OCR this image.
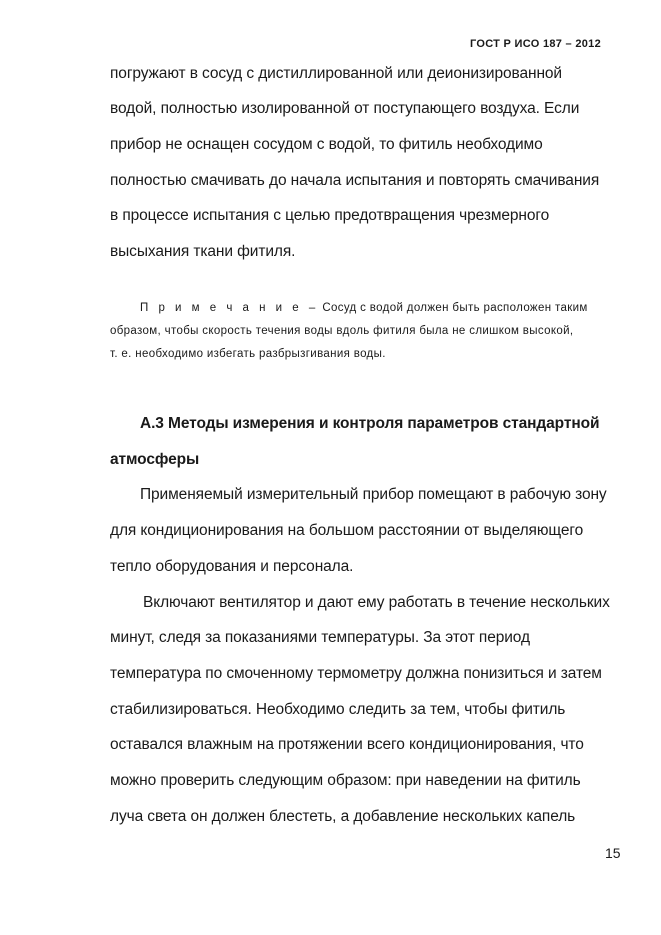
ГОСТ Р ИСО 187 – 2012
погружают в сосуд с дистиллированной или деионизированной
водой, полностью изолированной от поступающего воздуха. Если
прибор не оснащен сосудом с водой, то фитиль необходимо
полностью смачивать до начала испытания и повторять смачивания
в процессе испытания с целью предотвращения чрезмерного
высыхания ткани фитиля.
П р и м е ч а н и е – Сосуд с водой должен быть расположен таким
образом, чтобы скорость течения воды вдоль фитиля была не слишком высокой,
т. е. необходимо избегать разбрызгивания воды.
А.3 Методы измерения и контроля параметров стандартной
атмосферы
Применяемый измерительный прибор помещают в рабочую зону
для кондиционирования на большом расстоянии от выделяющего
тепло оборудования и персонала.
Включают вентилятор и дают ему работать в течение нескольких
минут, следя за показаниями температуры. За этот период
температура по смоченному термометру должна понизиться и затем
стабилизироваться. Необходимо следить за тем, чтобы фитиль
оставался влажным на протяжении всего кондиционирования, что
можно проверить следующим образом: при наведении на фитиль
луча света он должен блестеть, а добавление нескольких капель
15
